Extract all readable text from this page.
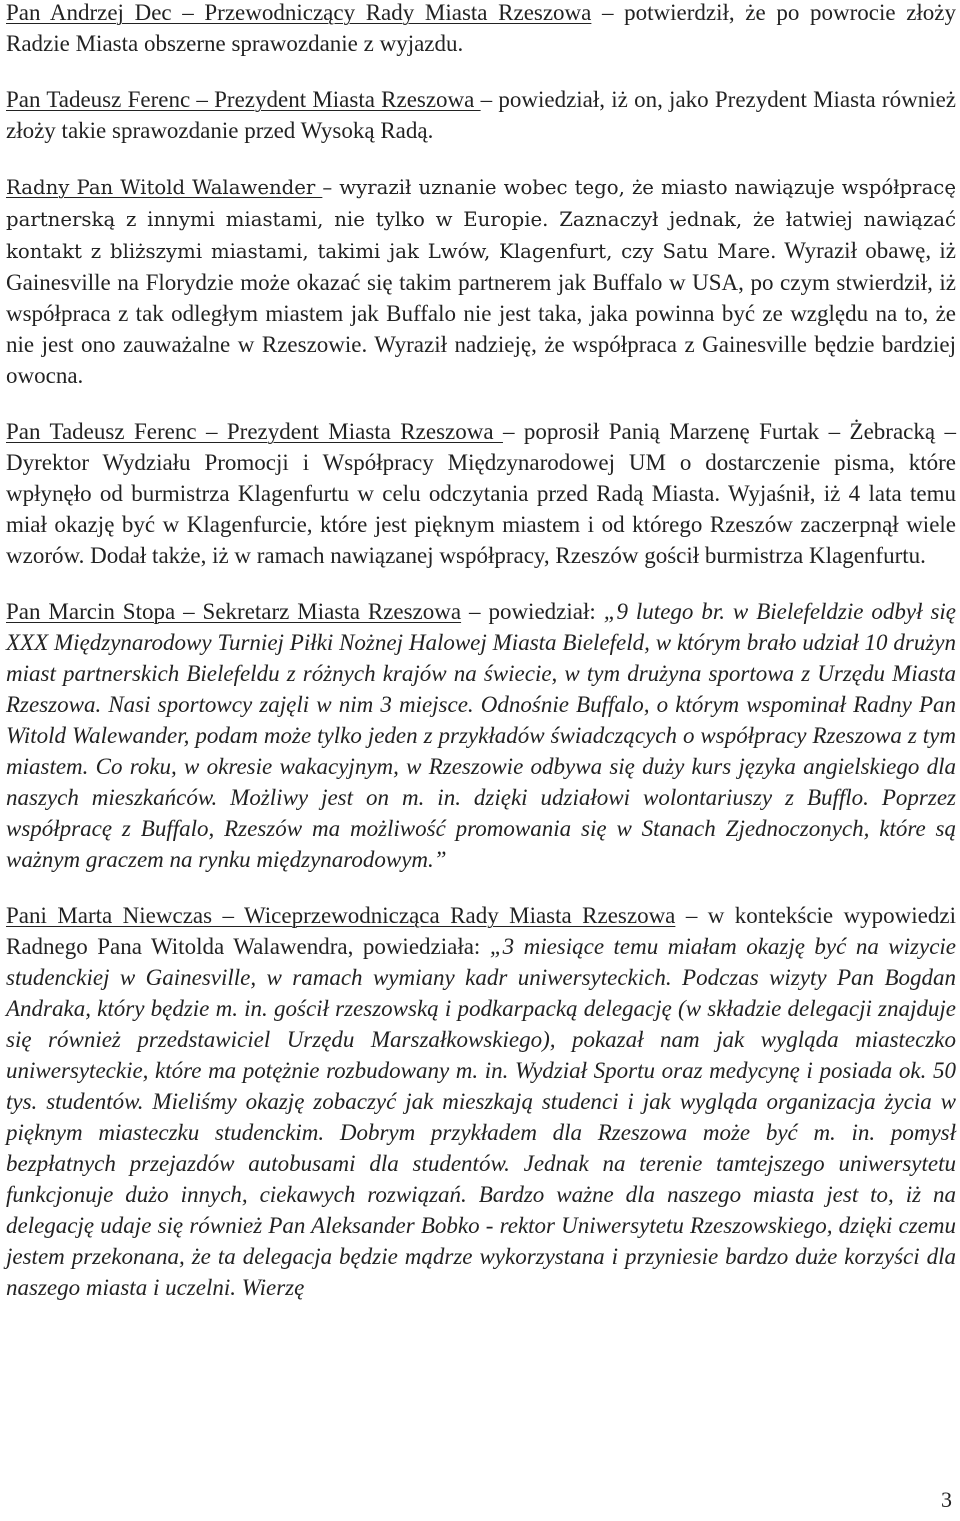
Pan Andrzej Dec – Przewodniczący Rady Miasta Rzeszowa – potwierdził, że po powrocie złoży Radzie Miasta obszerne sprawozdanie z wyjazdu.

Pan Tadeusz Ferenc – Prezydent Miasta Rzeszowa – powiedział, iż on, jako Prezydent Miasta również złoży takie sprawozdanie przed Wysoką Radą.

Radny Pan Witold Walawender – wyraził uznanie wobec tego, że miasto nawiązuje współpracę partnerską z innymi miastami, nie tylko w Europie. Zaznaczył jednak, że łatwiej nawiązać kontakt z bliższymi miastami, takimi jak Lwów, Klagenfurt, czy Satu Mare. Wyraził obawę, iż Gainesville na Florydzie może okazać się takim partnerem jak Buffalo w USA, po czym stwierdził, iż współpraca z tak odległym miastem jak Buffalo nie jest taka, jaka powinna być ze względu na to, że nie jest ono zauważalne w Rzeszowie. Wyraził nadzieję, że współpraca z Gainesville będzie bardziej owocna.

Pan Tadeusz Ferenc – Prezydent Miasta Rzeszowa – poprosił Panią Marzenę Furtak – Żebracką – Dyrektor Wydziału Promocji i Współpracy Międzynarodowej UM o dostarczenie pisma, które wpłynęło od burmistrza Klagenfurtu w celu odczytania przed Radą Miasta. Wyjaśnił, iż 4 lata temu miał okazję być w Klagenfurcie, które jest pięknym miastem i od którego Rzeszów zaczerpnął wiele wzorów. Dodał także, iż w ramach nawiązanej współpracy, Rzeszów gościł burmistrza Klagenfurtu.

Pan Marcin Stopa – Sekretarz Miasta Rzeszowa – powiedział: „9 lutego br. w Bielefeldzie odbył się XXX Międzynarodowy Turniej Piłki Nożnej Halowej Miasta Bielefeld, w którym brało udział 10 drużyn miast partnerskich Bielefeldu z różnych krajów na świecie, w tym drużyna sportowa z Urzędu Miasta Rzeszowa. Nasi sportowcy zajęli w nim 3 miejsce. Odnośnie Buffalo, o którym wspominał Radny Pan Witold Walewander, podam może tylko jeden z przykładów świadczących o współpracy Rzeszowa z tym miastem. Co roku, w okresie wakacyjnym, w Rzeszowie odbywa się duży kurs języka angielskiego dla naszych mieszkańców. Możliwy jest on m. in. dzięki udziałowi wolontariuszy z Bufflo. Poprzez współpracę z Buffalo, Rzeszów ma możliwość promowania się w Stanach Zjednoczonych, które są ważnym graczem na rynku międzynarodowym.”

Pani Marta Niewczas – Wiceprzewodnicząca Rady Miasta Rzeszowa – w kontekście wypowiedzi Radnego Pana Witolda Walawendra, powiedziała: „3 miesiące temu miałam okazję być na wizycie studenckiej w Gainesville, w ramach wymiany kadr uniwersyteckich. Podczas wizyty Pan Bogdan Andraka, który będzie m. in. gościł rzeszowską i podkarpacką delegację (w składzie delegacji znajduje się również przedstawiciel Urzędu Marszałkowskiego), pokazał nam jak wygląda miasteczko uniwersyteckie, które ma potężnie rozbudowany m. in. Wydział Sportu oraz medycynę i posiada ok. 50 tys. studentów. Mieliśmy okazję zobaczyć jak mieszkają studenci i jak wygląda organizacja życia w pięknym miasteczku studenckim. Dobrym przykładem dla Rzeszowa może być m. in. pomysł bezpłatnych przejazdów autobusami dla studentów. Jednak na terenie tamtejszego uniwersytetu funkcjonuje dużo innych, ciekawych rozwiązań. Bardzo ważne dla naszego miasta jest to, iż na delegację udaje się również Pan Aleksander Bobko - rektor Uniwersytetu Rzeszowskiego, dzięki czemu jestem przekonana, że ta delegacja będzie mądrze wykorzystana i przyniesie bardzo duże korzyści dla naszego miasta i uczelni. Wierzę

3
